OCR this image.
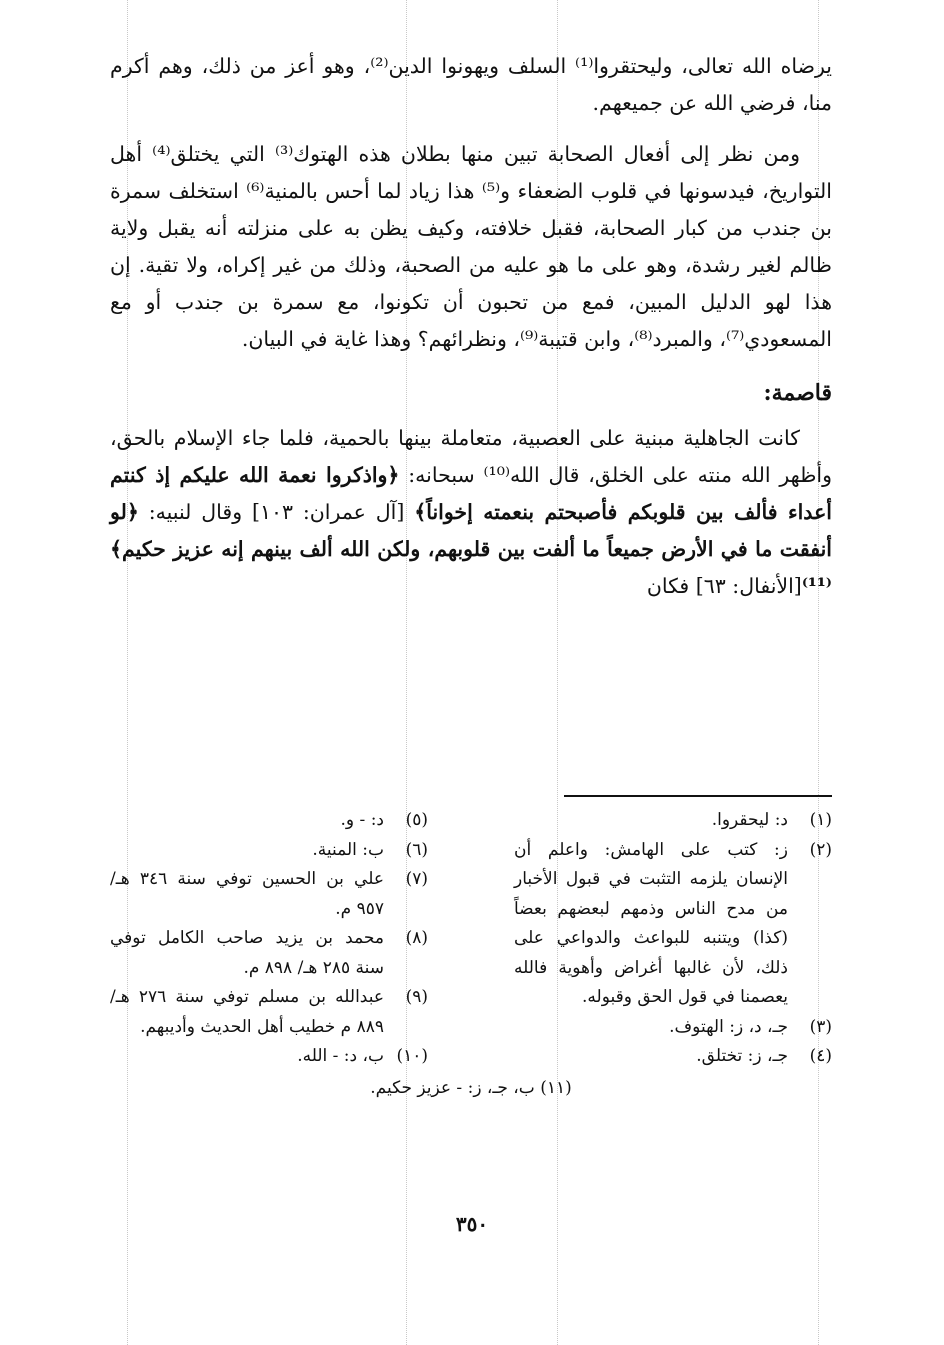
يرضاه الله تعالى، وليحتقروا⁽¹⁾ السلف ويهونوا الدين⁽²⁾، وهو أعز من ذلك، وهم أكرم منا، فرضي الله عن جميعهم.

ومن نظر إلى أفعال الصحابة تبين منها بطلان هذه الهتوك⁽³⁾ التي يختلق⁽⁴⁾ أهل التواريخ، فيدسونها في قلوب الضعفاء و⁽⁵⁾ هذا زياد لما أحس بالمنية⁽⁶⁾ استخلف سمرة بن جندب من كبار الصحابة، فقبل خلافته، وكيف يظن به على منزلته أنه يقبل ولاية ظالم لغير رشدة، وهو على ما هو عليه من الصحبة، وذلك من غير إكراه، ولا تقية. إن هذا لهو الدليل المبين، فمع من تحبون أن تكونوا، مع سمرة بن جندب أو مع المسعودي⁽⁷⁾، والمبرد⁽⁸⁾، وابن قتيبة⁽⁹⁾، ونظرائهم؟ وهذا غاية في البيان.

قاصمة:

كانت الجاهلية مبنية على العصبية، متعاملة بينها بالحمية، فلما جاء الإسلام بالحق، وأظهر الله منته على الخلق، قال الله⁽¹⁰⁾ سبحانه: ﴿واذكروا نعمة الله عليكم إذ كنتم أعداء فألف بين قلوبكم فأصبحتم بنعمته إخواناً﴾ [آل عمران: ١٠٣] وقال لنبيه: ﴿لو أنفقت ما في الأرض جميعاً ما ألفت بين قلوبهم، ولكن الله ألف بينهم إنه عزيز حكيم﴾⁽¹¹⁾[الأنفال: ٦٣] فكان

(١)
د: ليحقروا.
(٢)
ز: كتب على الهامش: واعلم أن الإنسان يلزمه التثبت في قبول الأخبار من مدح الناس وذمهم لبعضهم بعضاً (كذا) ويتنبه للبواعث والدواعي على ذلك، لأن غالبها أغراض وأهوية فالله يعصمنا في قول الحق وقبوله.
(٣)
جـ، د، ز: الهتوف.
(٤)
جـ، ز: تختلق.
(٥)
د: - و.
(٦)
ب: المنية.
(٧)
علي بن الحسين توفي سنة ٣٤٦ هـ/ ٩٥٧ م.
(٨)
محمد بن يزيد صاحب الكامل توفي سنة ٢٨٥ هـ/ ٨٩٨ م.
(٩)
عبدالله بن مسلم توفي سنة ٢٧٦ هـ/ ٨٨٩ م خطيب أهل الحديث وأديبهم.
(١٠)
ب، د: - الله.
(١١) ب، جـ، ز: - عزيز حكيم.
٣٥٠
